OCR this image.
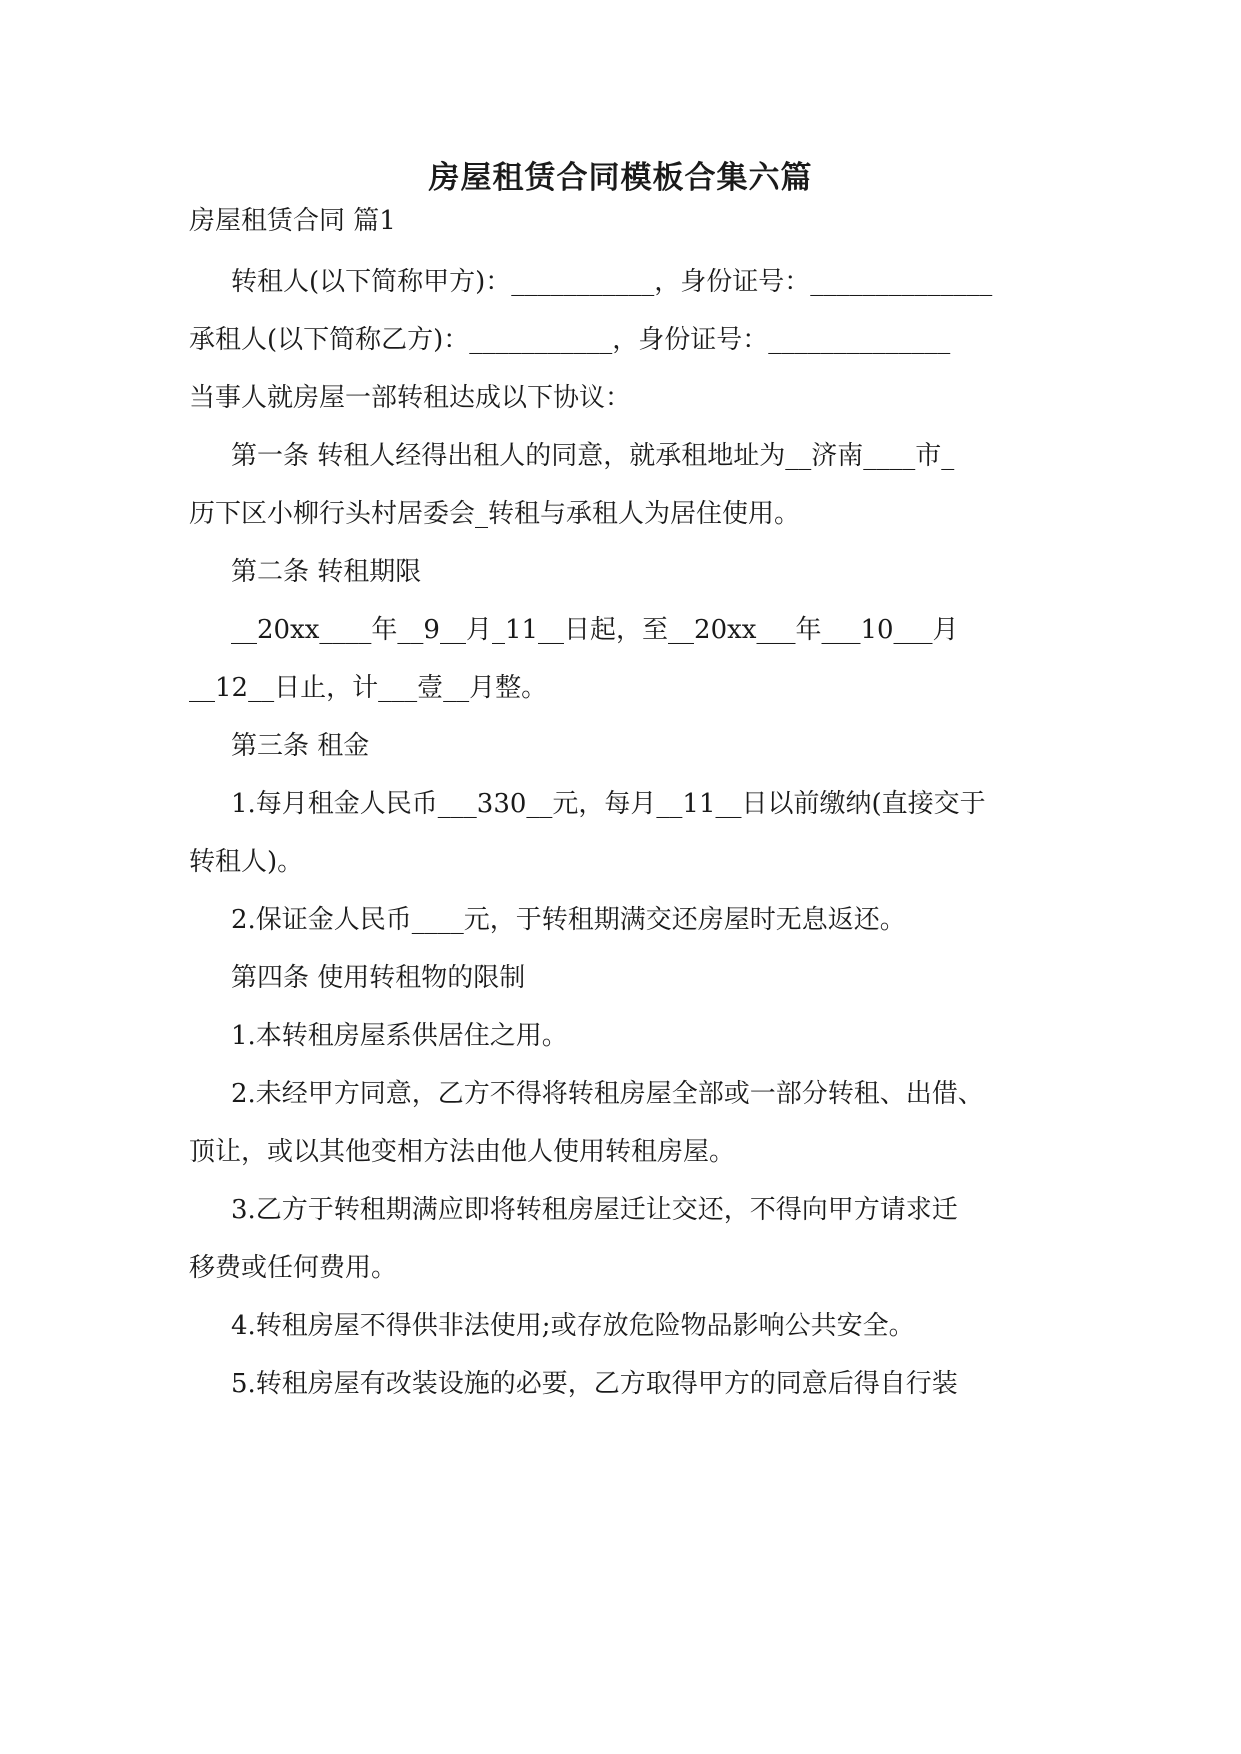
房屋租赁合同模板合集六篇
房屋租赁合同 篇1
转租人(以下简称甲方)：___________，身份证号：______________
承租人(以下简称乙方)：___________，身份证号：______________
当事人就房屋一部转租达成以下协议：
第一条 转租人经得出租人的同意，就承租地址为__济南____市_
历下区小柳行头村居委会_转租与承租人为居住使用。
第二条 转租期限
__20xx____年__9__月_11__日起，至__20xx___年___10___月
__12__日止，计___壹__月整。
第三条 租金
1.每月租金人民币___330__元，每月__11__日以前缴纳(直接交于
转租人)。
2.保证金人民币____元，于转租期满交还房屋时无息返还。
第四条 使用转租物的限制
1.本转租房屋系供居住之用。
2.未经甲方同意，乙方不得将转租房屋全部或一部分转租、出借、
顶让，或以其他变相方法由他人使用转租房屋。
3.乙方于转租期满应即将转租房屋迁让交还，不得向甲方请求迁
移费或任何费用。
4.转租房屋不得供非法使用;或存放危险物品影响公共安全。
5.转租房屋有改装设施的必要，乙方取得甲方的同意后得自行装
